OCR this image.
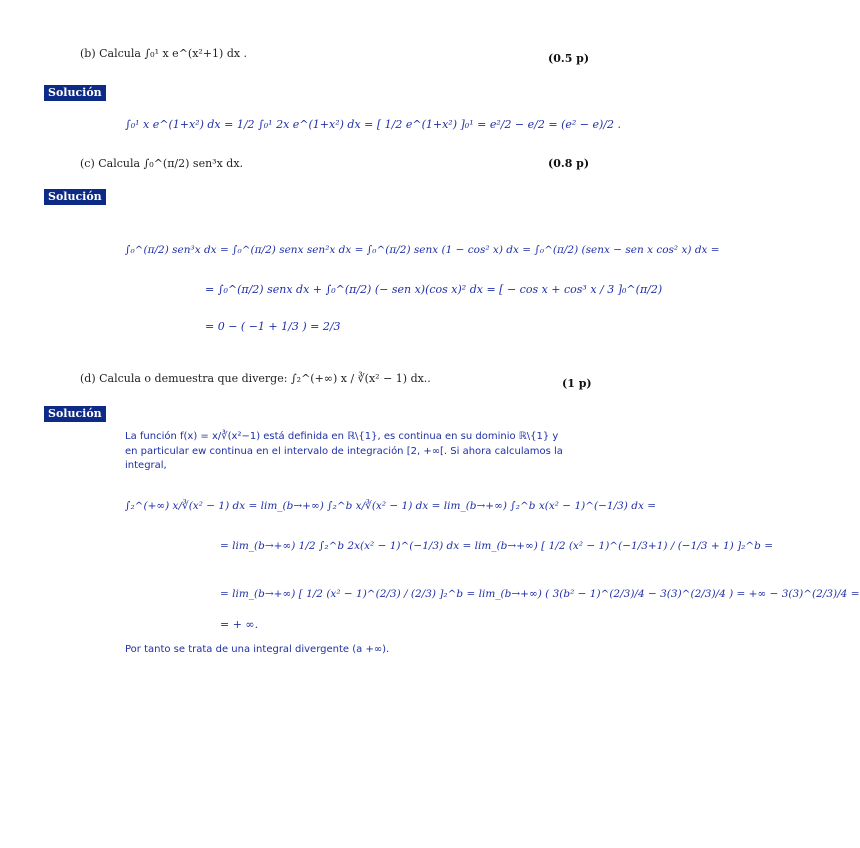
(b) Calcula ∫₀¹ x e^(x²+1) dx .	(0.5 p)
Solución
∫₀¹ x e^(1+x²) dx = 1/2 ∫₀¹ 2x e^(1+x²) dx = [ 1/2 e^(1+x²) ]₀¹ = e²/2 − e/2 = (e² − e)/2 .
(c) Calcula ∫₀^(π/2) sen³x dx.	(0.8 p)
Solución
∫₀^(π/2) sen³x dx = ∫₀^(π/2) senx sen²x dx = ∫₀^(π/2) senx (1 − cos² x) dx = ∫₀^(π/2) (senx − sen x cos² x) dx =
= ∫₀^(π/2) senx dx + ∫₀^(π/2) (− sen x)(cos x)² dx = [ − cos x + cos³ x / 3 ]₀^(π/2)
= 0 − ( −1 + 1/3 ) = 2/3
(d) Calcula o demuestra que diverge: ∫₂^(+∞) x / ∛(x² − 1) dx..	(1 p)
Solución
La función f(x) = x/∛(x²−1) está definida en ℝ\{1}, es continua en su dominio ℝ\{1} y en particular ew continua en el intervalo de integración [2, +∞[. Si ahora calculamos la integral,
∫₂^(+∞) x/∛(x² − 1) dx = lim_(b→+∞) ∫₂^b x/∛(x² − 1) dx = lim_(b→+∞) ∫₂^b x(x² − 1)^(−1/3) dx =
= lim_(b→+∞) 1/2 ∫₂^b 2x(x² − 1)^(−1/3) dx = lim_(b→+∞) [ 1/2 (x² − 1)^(−1/3+1) / (−1/3 + 1) ]₂^b =
= lim_(b→+∞) [ 1/2 (x² − 1)^(2/3) / (2/3) ]₂^b = lim_(b→+∞) ( 3(b² − 1)^(2/3)/4 − 3(3)^(2/3)/4 ) = +∞ − 3(3)^(2/3)/4 =
= + ∞.
Por tanto se trata de una integral divergente (a +∞).
